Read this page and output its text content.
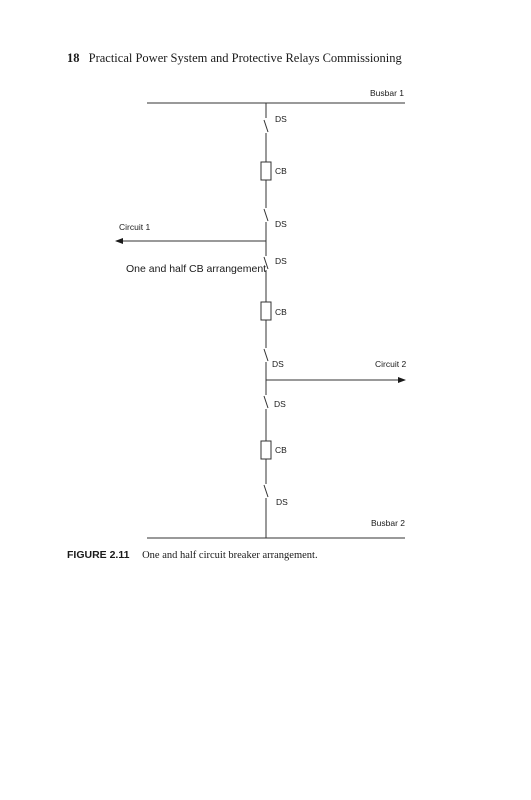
18 Practical Power System and Protective Relays Commissioning
Busbar 1
Busbar 2
DS
DS
DS
DS
DS
DS
CB
CB
CB
Circuit 1
Circuit 2
One and half CB arrangement
FIGURE 2.11 One and half circuit breaker arrangement.
